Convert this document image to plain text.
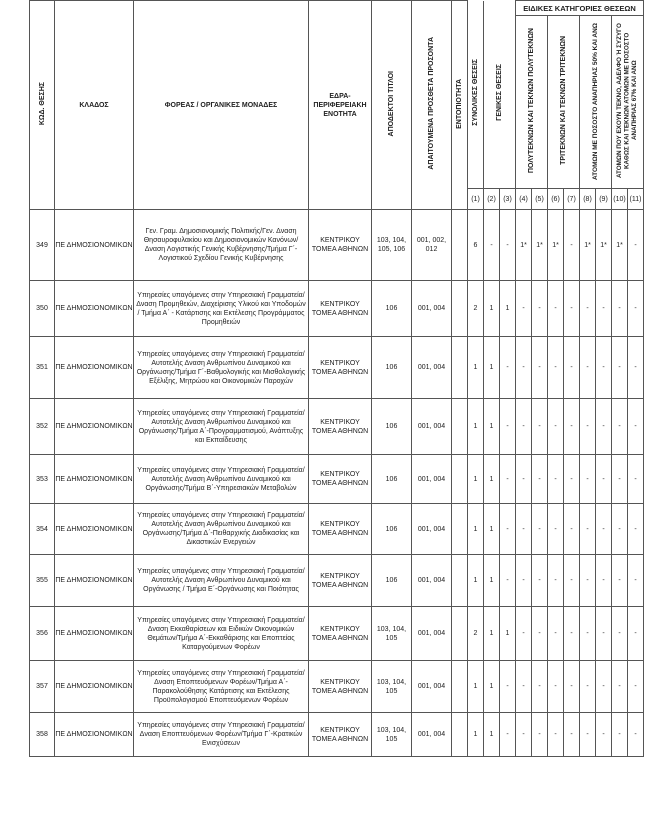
ΚΩΔ. ΘΕΣΗΣ	ΚΛΑΔΟΣ	ΦΟΡΕΑΣ / ΟΡΓΑΝΙΚΕΣ ΜΟΝΑΔΕΣ	ΕΔΡΑ-ΠΕΡΙΦΕΡΕΙΑΚΗ ΕΝΟΤΗΤΑ	ΑΠΟΔΕΚΤΟΙ ΤΙΤΛΟΙ	ΑΠΑΙΤΟΥΜΕΝΑ ΠΡΟΣΘΕΤΑ ΠΡΟΣΟΝΤΑ	ΕΝΤΟΠΙΟΤΗΤΑ	ΣΥΝΟΛΙΚΕΣ ΘΕΣΕΙΣ	ΓΕΝΙΚΕΣ ΘΕΣΕΙΣ		ΕΙΔΙΚΕΣ ΚΑΤΗΓΟΡΙΕΣ ΘΕΣΕΩΝ							
										ΠΟΛΥΤΕΚΝΩΝ ΚΑΙ ΤΕΚΝΩΝ ΠΟΛΥΤΕΚΝΩΝ		ΤΡΙΤΕΚΝΩΝ ΚΑΙ ΤΕΚΝΩΝ ΤΡΙΤΕΚΝΩΝ		ΑΤΟΜΩΝ ΜΕ ΠΟΣΟΣΤΟ ΑΝΑΠΗΡΙΑΣ 50% ΚΑΙ ΑΝΩ		ΑΤΟΜΩΝ ΠΟΥ ΕΧΟΥΝ ΤΕΚΝΟ, ΑΔΕΛΦΟ Ή ΣΥΖΥΓΟ ΚΑΘΩΣ ΚΑΙ ΤΕΚΝΩΝ ΑΤΟΜΩΝ ΜΕ ΠΟΣΟΣΤΟ ΑΝΑΠΗΡΙΑΣ 67% ΚΑΙ ΑΝΩ	
							(1)	(2)	(3)	(4)	(5)	(6)	(7)	(8)	(9)	(10)	(11)
349	ΠΕ ΔΗΜΟΣΙΟΝΟΜΙΚΩΝ	Γεν. Γραμ. Δημοσιονομικής Πολιτικής/Γεν. Δναση Θησαυροφυλακίου και Δημοσιονομικών Κανόνων/Δναση Λογιστικής Γενικής Κυβέρνησης/Τμήμα Γ΄-Λογιστικού Σχεδίου Γενικής Κυβέρνησης	ΚΕΝΤΡΙΚΟΥ ΤΟΜΕΑ ΑΘΗΝΩΝ	103, 104, 105, 106	001, 002, 012		6	-	-	1*	1*	1*	-	1*	1*	1*	-
350	ΠΕ ΔΗΜΟΣΙΟΝΟΜΙΚΩΝ	Υπηρεσίες υπαγόμενες στην Υπηρεσιακή Γραμματεία/Δναση Προμηθειών, Διαχείρισης Υλικού και Υποδομών / Τμήμα Α΄ - Κατάρτισης και Εκτέλεσης Προγράμματος Προμηθειών	ΚΕΝΤΡΙΚΟΥ ΤΟΜΕΑ ΑΘΗΝΩΝ	106	001, 004		2	1	1	-	-	-	-	-	-	-	-
351	ΠΕ ΔΗΜΟΣΙΟΝΟΜΙΚΩΝ	Υπηρεσίες υπαγόμενες στην Υπηρεσιακή Γραμματεία/Αυτοτελής Δναση Ανθρωπίνου Δυναμικού και Οργάνωσης/Τμήμα Γ΄-Βαθμολογικής και Μισθολογικής Εξέλιξης, Μητρώου και Οικονομικών Παροχών	ΚΕΝΤΡΙΚΟΥ ΤΟΜΕΑ ΑΘΗΝΩΝ	106	001, 004		1	1	-	-	-	-	-	-	-	-	-
352	ΠΕ ΔΗΜΟΣΙΟΝΟΜΙΚΩΝ	Υπηρεσίες υπαγόμενες στην Υπηρεσιακή Γραμματεία/Αυτοτελής Δναση Ανθρωπίνου Δυναμικού και Οργάνωσης/Τμήμα Α΄-Προγραμματισμού, Ανάπτυξης και Εκπαίδευσης	ΚΕΝΤΡΙΚΟΥ ΤΟΜΕΑ ΑΘΗΝΩΝ	106	001, 004		1	1	-	-	-	-	-	-	-	-	-
353	ΠΕ ΔΗΜΟΣΙΟΝΟΜΙΚΩΝ	Υπηρεσίες υπαγόμενες στην Υπηρεσιακή Γραμματεία/Αυτοτελής Δναση Ανθρωπίνου Δυναμικού και Οργάνωσης/Τμήμα Β΄-Υπηρεσιακών Μεταβολών	ΚΕΝΤΡΙΚΟΥ ΤΟΜΕΑ ΑΘΗΝΩΝ	106	001, 004		1	1	-	-	-	-	-	-	-	-	-
354	ΠΕ ΔΗΜΟΣΙΟΝΟΜΙΚΩΝ	Υπηρεσίες υπαγόμενες στην Υπηρεσιακή Γραμματεία/Αυτοτελής Δναση Ανθρωπίνου Δυναμικού και Οργάνωσης/Τμήμα Δ΄-Πειθαρχικής Διαδικασίας και Δικαστικών Ενεργειών	ΚΕΝΤΡΙΚΟΥ ΤΟΜΕΑ ΑΘΗΝΩΝ	106	001, 004		1	1	-	-	-	-	-	-	-	-	-
355	ΠΕ ΔΗΜΟΣΙΟΝΟΜΙΚΩΝ	Υπηρεσίες υπαγόμενες στην Υπηρεσιακή Γραμματεία/Αυτοτελής Δναση Ανθρωπίνου Δυναμικού και Οργάνωσης / Τμήμα Ε΄-Οργάνωσης και Ποιότητας	ΚΕΝΤΡΙΚΟΥ ΤΟΜΕΑ ΑΘΗΝΩΝ	106	001, 004		1	1	-	-	-	-	-	-	-	-	-
356	ΠΕ ΔΗΜΟΣΙΟΝΟΜΙΚΩΝ	Υπηρεσίες υπαγόμενες στην Υπηρεσιακή Γραμματεία/Δναση Εκκαθαρίσεων και Ειδικών Οικονομικών Θεμάτων/Τμήμα Α΄-Εκκαθάρισης και Εποπτείας Καταργούμενων Φορέων	ΚΕΝΤΡΙΚΟΥ ΤΟΜΕΑ ΑΘΗΝΩΝ	103, 104, 105	001, 004		2	1	1	-	-	-	-	-	-	-	-
357	ΠΕ ΔΗΜΟΣΙΟΝΟΜΙΚΩΝ	Υπηρεσίες υπαγόμενες στην Υπηρεσιακή Γραμματεία/Δναση Εποπτευόμενων Φορέων/Τμήμα Α΄-Παρακολούθησης Κατάρτισης και Εκτέλεσης Προϋπολογισμού Εποπτευόμενων Φορέων	ΚΕΝΤΡΙΚΟΥ ΤΟΜΕΑ ΑΘΗΝΩΝ	103, 104, 105	001, 004		1	1	-	-	-	-	-	-	-	-	-
358	ΠΕ ΔΗΜΟΣΙΟΝΟΜΙΚΩΝ	Υπηρεσίες υπαγόμενες στην Υπηρεσιακή Γραμματεία/Δναση Εποπτευόμενων Φορέων/Τμήμα Γ΄-Κρατικών Ενισχύσεων	ΚΕΝΤΡΙΚΟΥ ΤΟΜΕΑ ΑΘΗΝΩΝ	103, 104, 105	001, 004		1	1	-	-	-	-	-	-	-	-	-
